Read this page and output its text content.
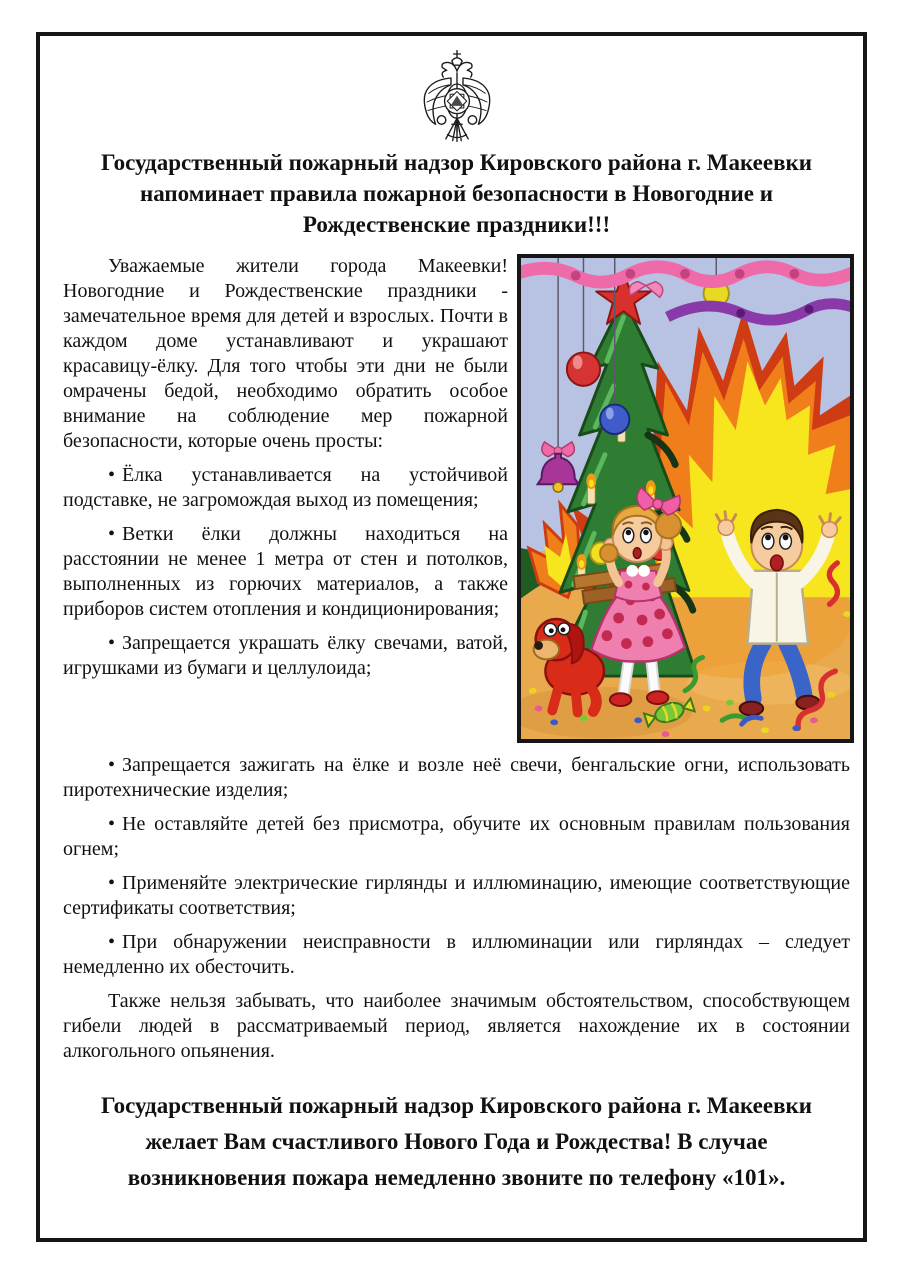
Государственный пожарный надзор Кировского района г. Макеевки
напоминает правила пожарной безопасности в Новогодние и
Рождественские праздники!!!

Уважаемые жители города Макеевки! Новогодние и Рождественские праздники - замечательное время для детей и взрослых. Почти в каждом доме устанавливают и украшают красавицу-ёлку. Для того чтобы эти дни не были омрачены бедой, необходимо обратить особое внимание на соблюдение мер пожарной безопасности, которые очень просты:

• Ёлка устанавливается на устойчивой подставке, не загромождая выход из помещения;

• Ветки ёлки должны находиться на расстоянии не менее 1 метра от стен и потолков, выполненных из горючих материалов, а также приборов систем отопления и кондиционирования;

• Запрещается украшать ёлку свечами, ватой, игрушками из бумаги и целлулоида;

• Запрещается зажигать на ёлке и возле неё свечи, бенгальские огни, использовать пиротехнические изделия;

• Не оставляйте детей без присмотра, обучите их основным правилам пользования огнем;

• Применяйте электрические гирлянды и иллюминацию, имеющие соответствующие сертификаты соответствия;

• При обнаружении неисправности в иллюминации или гирляндах – следует немедленно их обесточить.

Также нельзя забывать, что наиболее значимым обстоятельством, способствующем гибели людей в рассматриваемый период, является нахождение их в состоянии алкогольного опьянения.

Государственный пожарный надзор Кировского района г. Макеевки
желает Вам счастливого Нового Года и Рождества! В случае
возникновения пожара немедленно звоните по телефону «101».
